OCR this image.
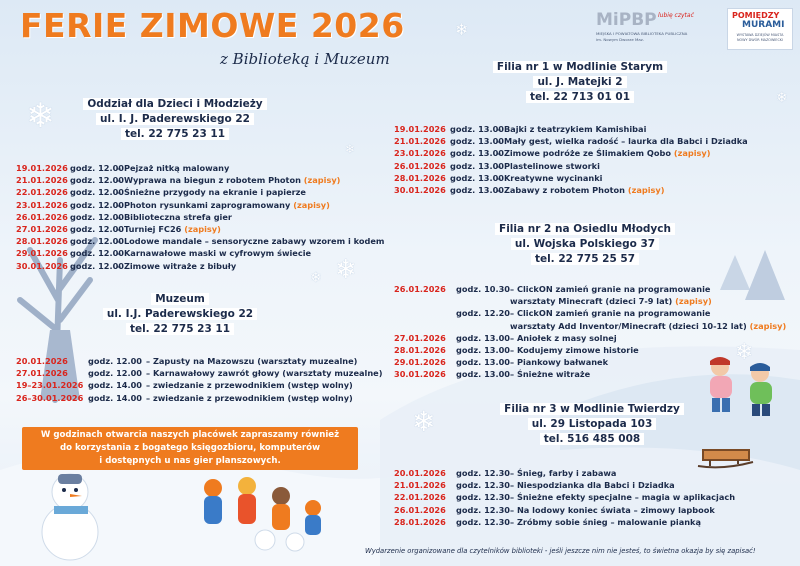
❄
❄
❄
❄
❄
❄
❄
❄
FERIE ZIMOWE 2026
z Biblioteką i Muzeum
MiPBP lubię czytać
MIEJSKA I POWIATOWA BIBLIOTEKA PUBLICZNA
im. Nowym Dworze Maz.
POMIĘDZY
MURAMI
WYSTAWA DZIEJÓW MIASTA NOWY DWÓR MAZOWIECKI
Oddział dla Dzieci i Młodzieży
ul. I. J. Paderewskiego 22
tel. 22 775 23 11
19.01.2026 godz. 12.00
– Pejzaż nitką malowany
21.01.2026 godz. 12.00
– Wyprawa na biegun z robotem Photon (zapisy)
22.01.2026 godz. 12.00
– Śnieżne przygody na ekranie i papierze
23.01.2026 godz. 12.00
– Photon rysunkami zaprogramowany (zapisy)
26.01.2026 godz. 12.00
– Biblioteczna strefa gier
27.01.2026 godz. 12.00
– Turniej FC26 (zapisy)
28.01.2026 godz. 12.00
– Lodowe mandale – sensoryczne zabawy wzorem i kodem
29.01.2026 godz. 12.00
– Karnawałowe maski w cyfrowym świecie
30.01.2026 godz. 12.00
– Zimowe witraże z bibuły
Muzeum
ul. I.J. Paderewskiego 22
tel. 22 775 23 11
20.01.2026 godz. 12.00 – Zapusty na Mazowszu (warsztaty muzealne)
27.01.2026 godz. 12.00 – Karnawałowy zawrót głowy (warsztaty muzealne)
19–23.01.2026 godz. 14.00 – zwiedzanie z przewodnikiem (wstęp wolny)
26–30.01.2026 godz. 14.00 – zwiedzanie z przewodnikiem (wstęp wolny)
W godzinach otwarcia naszych placówek zapraszamy również
do korzystania z bogatego księgozbioru, komputerów
i dostępnych u nas gier planszowych.
Filia nr 1 w Modlinie Starym
ul. J. Matejki 2
tel. 22 713 01 01
19.01.2026 godz. 13.00
– Bajki z teatrzykiem Kamishibai
21.01.2026 godz. 13.00
– Mały gest, wielka radość – laurka dla Babci i Dziadka
23.01.2026 godz. 13.00
– Zimowe podróże ze Ślimakiem Qobo (zapisy)
26.01.2026 godz. 13.00
– Plastelinowe stworki
28.01.2026 godz. 13.00
– Kreatywne wycinanki
30.01.2026 godz. 13.00
– Zabawy z robotem Photon (zapisy)
Filia nr 2 na Osiedlu Młodych
ul. Wojska Polskiego 37
tel. 22 775 25 57
26.01.2026 godz. 10.30 – ClickON zamień granie na programowanie
warsztaty Minecraft (dzieci 7-9 lat) (zapisy)
godz. 12.20 – ClickON zamień granie na programowanie
warsztaty Add Inventor/Minecraft (dzieci 10-12 lat) (zapisy)
27.01.2026 godz. 13.00 – Aniołek z masy solnej
28.01.2026 godz. 13.00 – Kodujemy zimowe historie
29.01.2026 godz. 13.00 – Piankowy bałwanek
30.01.2026 godz. 13.00 – Śnieżne witraże
Filia nr 3 w Modlinie Twierdzy
ul. 29 Listopada 103
tel. 516 485 008
20.01.2026 godz. 12.30 – Śnieg, farby i zabawa
21.01.2026 godz. 12.30 – Niespodzianka dla Babci i Dziadka
22.01.2026 godz. 12.30 – Śnieżne efekty specjalne – magia w aplikacjach
26.01.2026 godz. 12.30 – Na lodowy koniec świata – zimowy lapbook
28.01.2026 godz. 12.30 – Zróbmy sobie śnieg – malowanie pianką
Wydarzenie organizowane dla czytelników biblioteki - jeśli jeszcze nim nie jesteś, to świetna okazja by się zapisać!
